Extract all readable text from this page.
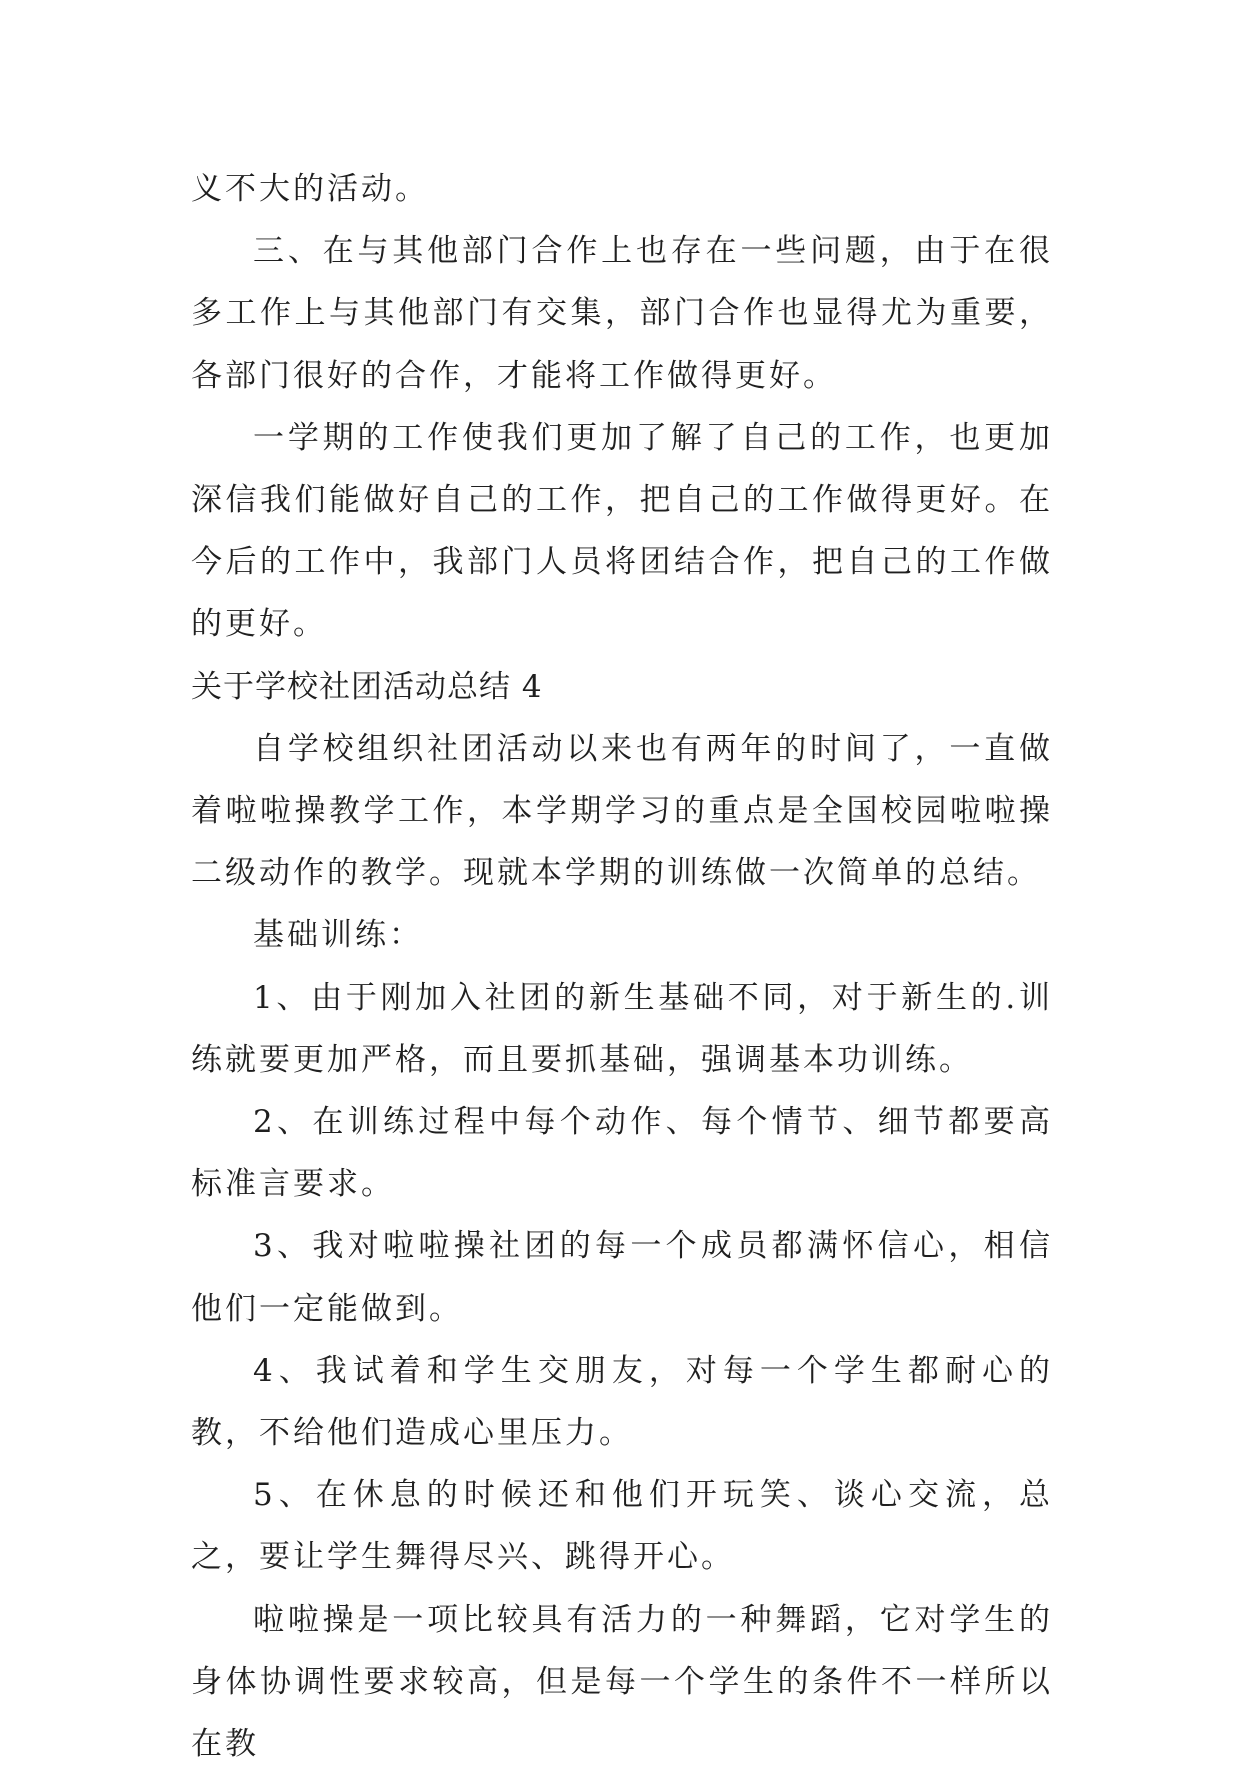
义不大的活动。

三、在与其他部门合作上也存在一些问题，由于在很多工作上与其他部门有交集，部门合作也显得尤为重要，各部门很好的合作，才能将工作做得更好。

一学期的工作使我们更加了解了自己的工作，也更加深信我们能做好自己的工作，把自己的工作做得更好。在今后的工作中，我部门人员将团结合作，把自己的工作做的更好。

关于学校社团活动总结 4

自学校组织社团活动以来也有两年的时间了，一直做着啦啦操教学工作，本学期学习的重点是全国校园啦啦操二级动作的教学。现就本学期的训练做一次简单的总结。

基础训练：

1、由于刚加入社团的新生基础不同，对于新生的.训练就要更加严格，而且要抓基础，强调基本功训练。

2、在训练过程中每个动作、每个情节、细节都要高标准言要求。

3、我对啦啦操社团的每一个成员都满怀信心，相信他们一定能做到。

4、我试着和学生交朋友，对每一个学生都耐心的教，不给他们造成心里压力。

5、在休息的时候还和他们开玩笑、谈心交流，总之，要让学生舞得尽兴、跳得开心。

啦啦操是一项比较具有活力的一种舞蹈，它对学生的身体协调性要求较高，但是每一个学生的条件不一样所以在教
